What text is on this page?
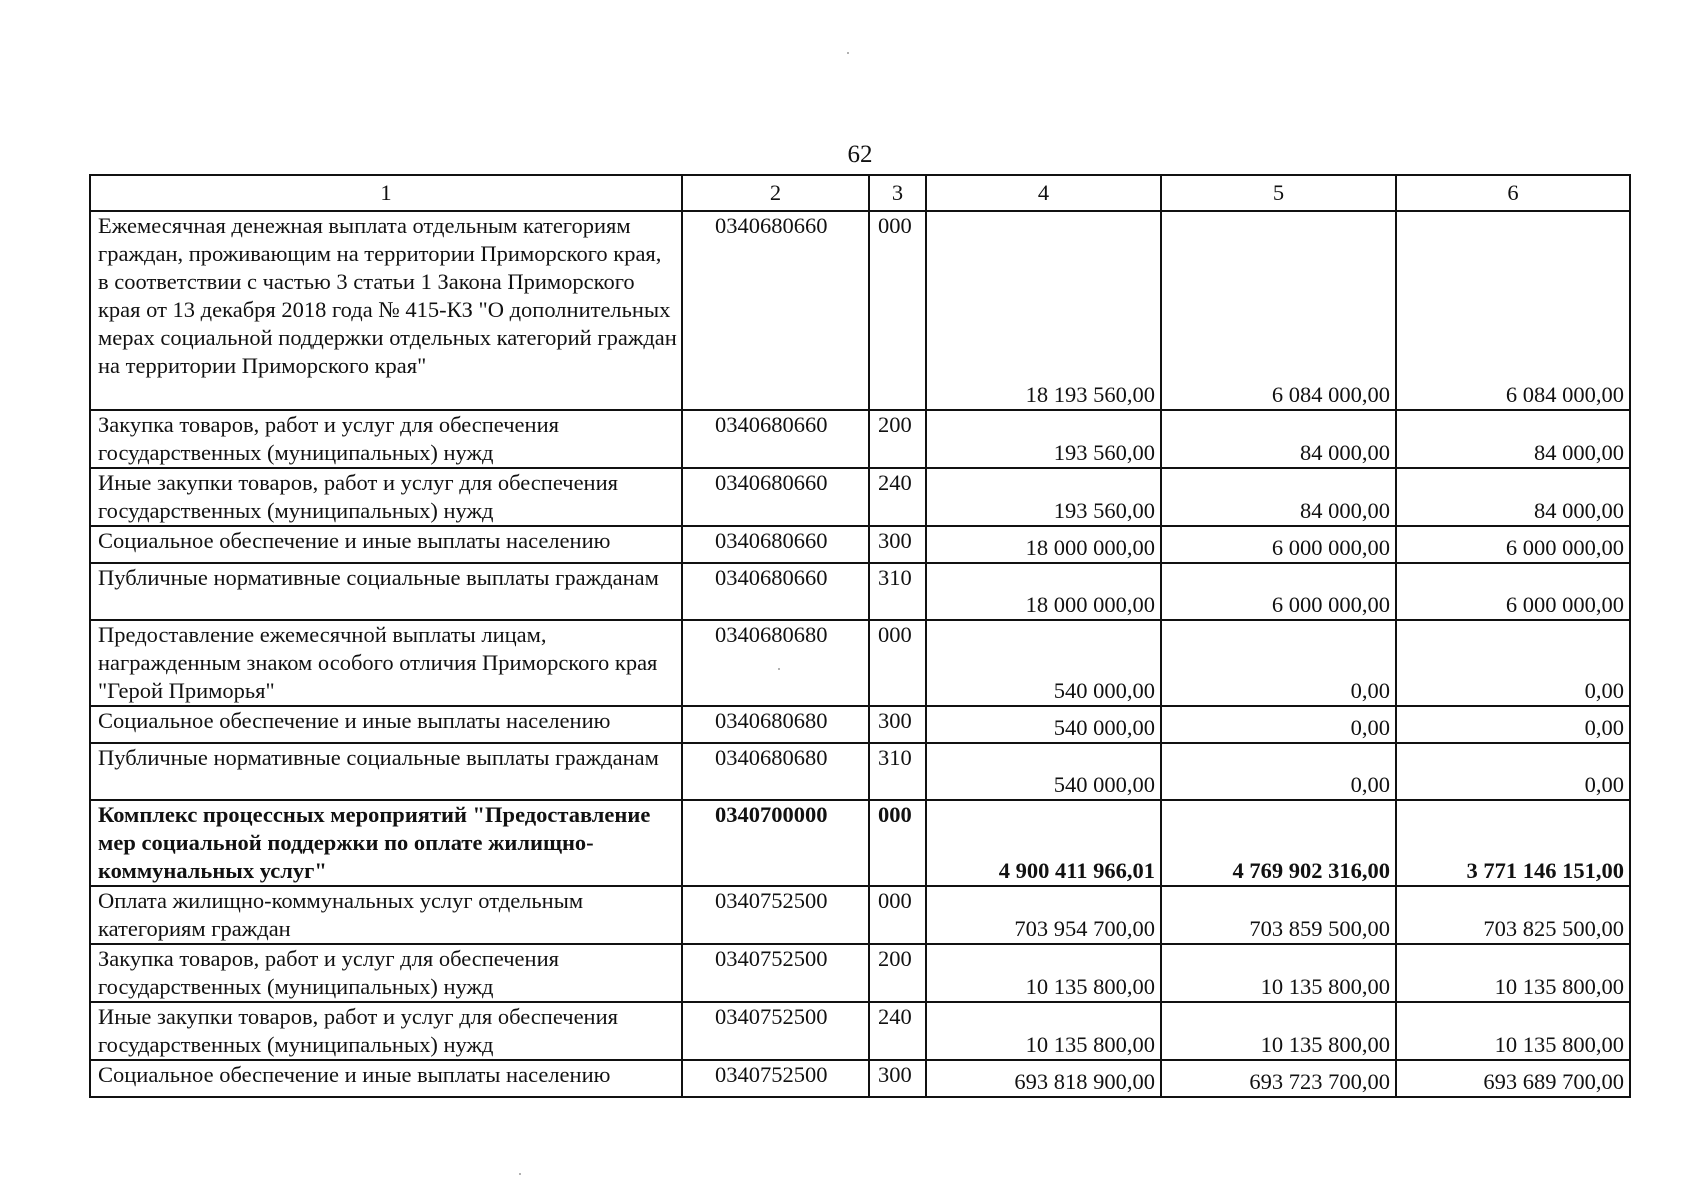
62
1	2	3	4	5	6
Ежемесячная денежная выплата отдельным категориям граждан, проживающим на территории Приморского края, в соответствии с частью 3 статьи 1 Закона Приморского края от 13 декабря 2018 года № 415-КЗ "О дополнительных мерах социальной поддержки отдельных категорий граждан на территории Приморского края"	0340680660	000	18 193 560,00	6 084 000,00	6 084 000,00
Закупка товаров, работ и услуг для обеспечения государственных (муниципальных) нужд	0340680660	200	193 560,00	84 000,00	84 000,00
Иные закупки товаров, работ и услуг для обеспечения государственных (муниципальных) нужд	0340680660	240	193 560,00	84 000,00	84 000,00
Социальное обеспечение и иные выплаты населению	0340680660	300	18 000 000,00	6 000 000,00	6 000 000,00
Публичные нормативные социальные выплаты гражданам	0340680660	310	18 000 000,00	6 000 000,00	6 000 000,00
Предоставление ежемесячной выплаты лицам, награжденным знаком особого отличия Приморского края "Герой Приморья"	0340680680	000	540 000,00	0,00	0,00
Социальное обеспечение и иные выплаты населению	0340680680	300	540 000,00	0,00	0,00
Публичные нормативные социальные выплаты гражданам	0340680680	310	540 000,00	0,00	0,00
Комплекс процессных мероприятий "Предоставление мер социальной поддержки по оплате жилищно-коммунальных услуг"	0340700000	000	4 900 411 966,01	4 769 902 316,00	3 771 146 151,00
Оплата жилищно-коммунальных услуг отдельным категориям граждан	0340752500	000	703 954 700,00	703 859 500,00	703 825 500,00
Закупка товаров, работ и услуг для обеспечения государственных (муниципальных) нужд	0340752500	200	10 135 800,00	10 135 800,00	10 135 800,00
Иные закупки товаров, работ и услуг для обеспечения государственных (муниципальных) нужд	0340752500	240	10 135 800,00	10 135 800,00	10 135 800,00
Социальное обеспечение и иные выплаты населению	0340752500	300	693 818 900,00	693 723 700,00	693 689 700,00
